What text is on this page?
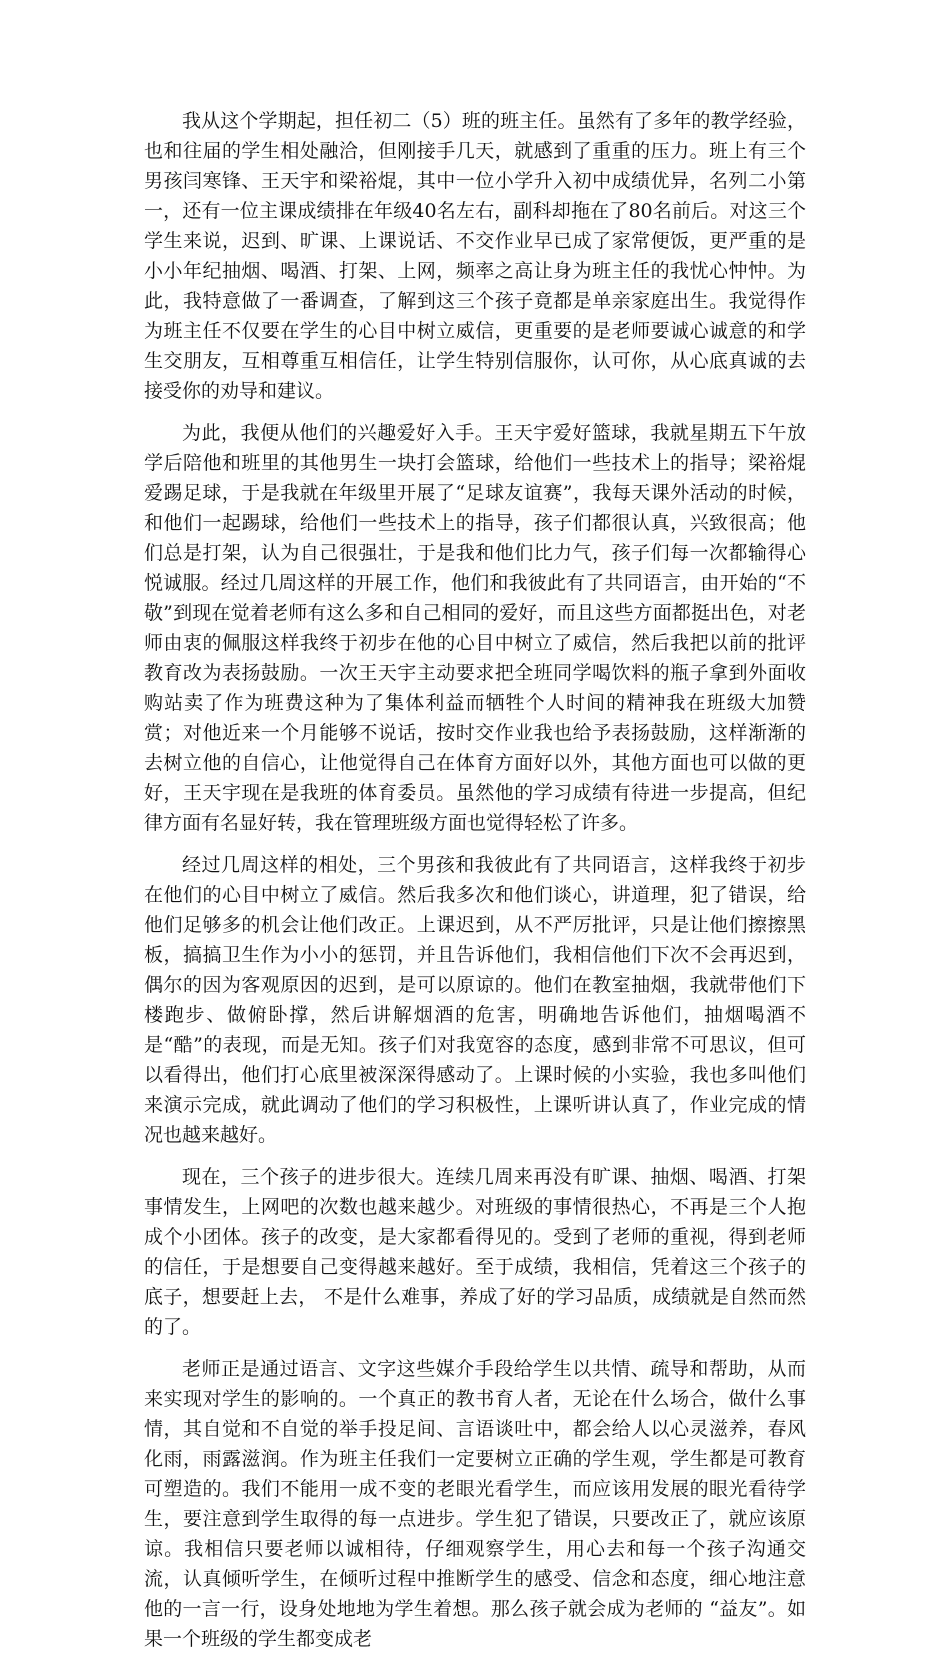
我从这个学期起，担任初二（5）班的班主任。虽然有了多年的教学经验，也和往届的学生相处融洽，但刚接手几天，就感到了重重的压力。班上有三个男孩闫寒锋、王天宇和梁裕焜，其中一位小学升入初中成绩优异，名列二小第一，还有一位主课成绩排在年级40名左右，副科却拖在了80名前后。对这三个学生来说，迟到、旷课、上课说话、不交作业早已成了家常便饭，更严重的是小小年纪抽烟、喝酒、打架、上网，频率之高让身为班主任的我忧心忡忡。为此，我特意做了一番调查，了解到这三个孩子竟都是单亲家庭出生。我觉得作为班主任不仅要在学生的心目中树立威信，更重要的是老师要诚心诚意的和学生交朋友，互相尊重互相信任，让学生特别信服你，认可你，从心底真诚的去接受你的劝导和建议。

为此，我便从他们的兴趣爱好入手。王天宇爱好篮球，我就星期五下午放学后陪他和班里的其他男生一块打会篮球，给他们一些技术上的指导；梁裕焜爱踢足球，于是我就在年级里开展了“足球友谊赛”，我每天课外活动的时候，和他们一起踢球，给他们一些技术上的指导，孩子们都很认真，兴致很高；他们总是打架，认为自己很强壮，于是我和他们比力气，孩子们每一次都输得心悦诚服。经过几周这样的开展工作，他们和我彼此有了共同语言，由开始的“不敬”到现在觉着老师有这么多和自己相同的爱好，而且这些方面都挺出色，对老师由衷的佩服这样我终于初步在他的心目中树立了威信，然后我把以前的批评教育改为表扬鼓励。一次王天宇主动要求把全班同学喝饮料的瓶子拿到外面收购站卖了作为班费这种为了集体利益而牺牲个人时间的精神我在班级大加赞赏；对他近来一个月能够不说话，按时交作业我也给予表扬鼓励，这样渐渐的去树立他的自信心，让他觉得自己在体育方面好以外，其他方面也可以做的更好，王天宇现在是我班的体育委员。虽然他的学习成绩有待进一步提高，但纪律方面有名显好转，我在管理班级方面也觉得轻松了许多。

经过几周这样的相处，三个男孩和我彼此有了共同语言，这样我终于初步在他们的心目中树立了威信。然后我多次和他们谈心，讲道理，犯了错误，给他们足够多的机会让他们改正。上课迟到，从不严厉批评，只是让他们擦擦黑板，搞搞卫生作为小小的惩罚，并且告诉他们，我相信他们下次不会再迟到，偶尔的因为客观原因的迟到，是可以原谅的。他们在教室抽烟，我就带他们下楼跑步、做俯卧撑，然后讲解烟酒的危害，明确地告诉他们，抽烟喝酒不是“酷”的表现，而是无知。孩子们对我宽容的态度，感到非常不可思议，但可以看得出，他们打心底里被深深得感动了。上课时候的小实验，我也多叫他们来演示完成，就此调动了他们的学习积极性，上课听讲认真了，作业完成的情况也越来越好。

现在，三个孩子的进步很大。连续几周来再没有旷课、抽烟、喝酒、打架事情发生，上网吧的次数也越来越少。对班级的事情很热心，不再是三个人抱成个小团体。孩子的改变，是大家都看得见的。受到了老师的重视，得到老师的信任，于是想要自己变得越来越好。至于成绩，我相信，凭着这三个孩子的底子，想要赶上去， 不是什么难事，养成了好的学习品质，成绩就是自然而然的了。

老师正是通过语言、文字这些媒介手段给学生以共情、疏导和帮助，从而来实现对学生的影响的。一个真正的教书育人者，无论在什么场合，做什么事情，其自觉和不自觉的举手投足间、言语谈吐中，都会给人以心灵滋养，春风化雨，雨露滋润。作为班主任我们一定要树立正确的学生观，学生都是可教育可塑造的。我们不能用一成不变的老眼光看学生，而应该用发展的眼光看待学生，要注意到学生取得的每一点进步。学生犯了错误，只要改正了，就应该原谅。我相信只要老师以诚相待，仔细观察学生，用心去和每一个孩子沟通交流，认真倾听学生，在倾听过程中推断学生的感受、信念和态度，细心地注意他的一言一行，设身处地地为学生着想。那么孩子就会成为老师的 “益友”。如果一个班级的学生都变成老
